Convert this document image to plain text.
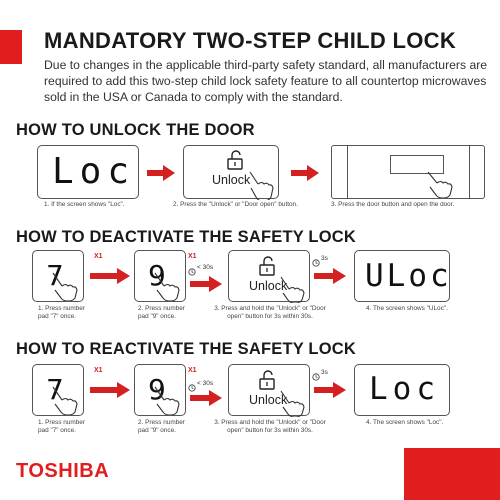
MANDATORY TWO-STEP CHILD LOCK
Due to changes in the applicable third-party safety standard, all manufacturers are required to add this two-step child lock safety feature to all countertop microwaves sold in the USA or Canada to comply with the standard.
HOW TO UNLOCK THE DOOR
Loc
1. If the screen shows "Loc".
Unlock
2. Press the "Unlock" or "Door open" button.	3. Press the door button and open the door.
HOW TO DEACTIVATE THE SAFETY LOCK
7
X1
1. Press number pad "7" once.
9
X1
< 30s
2. Press number pad "9" once.
Unlock
3s
3. Press and hold the "Unlock" or "Door open" button for 3s within 30s.
ULoc
4. The screen shows "ULoc".
HOW TO REACTIVATE THE SAFETY LOCK
7
X1
1. Press number pad "7" once.
9
X1
< 30s
2. Press number pad "9" once.
Unlock
3s
3. Press and hold the "Unlock" or "Door open" button for 3s within 30s.
Loc
4. The screen shows "Loc".
TOSHIBA
